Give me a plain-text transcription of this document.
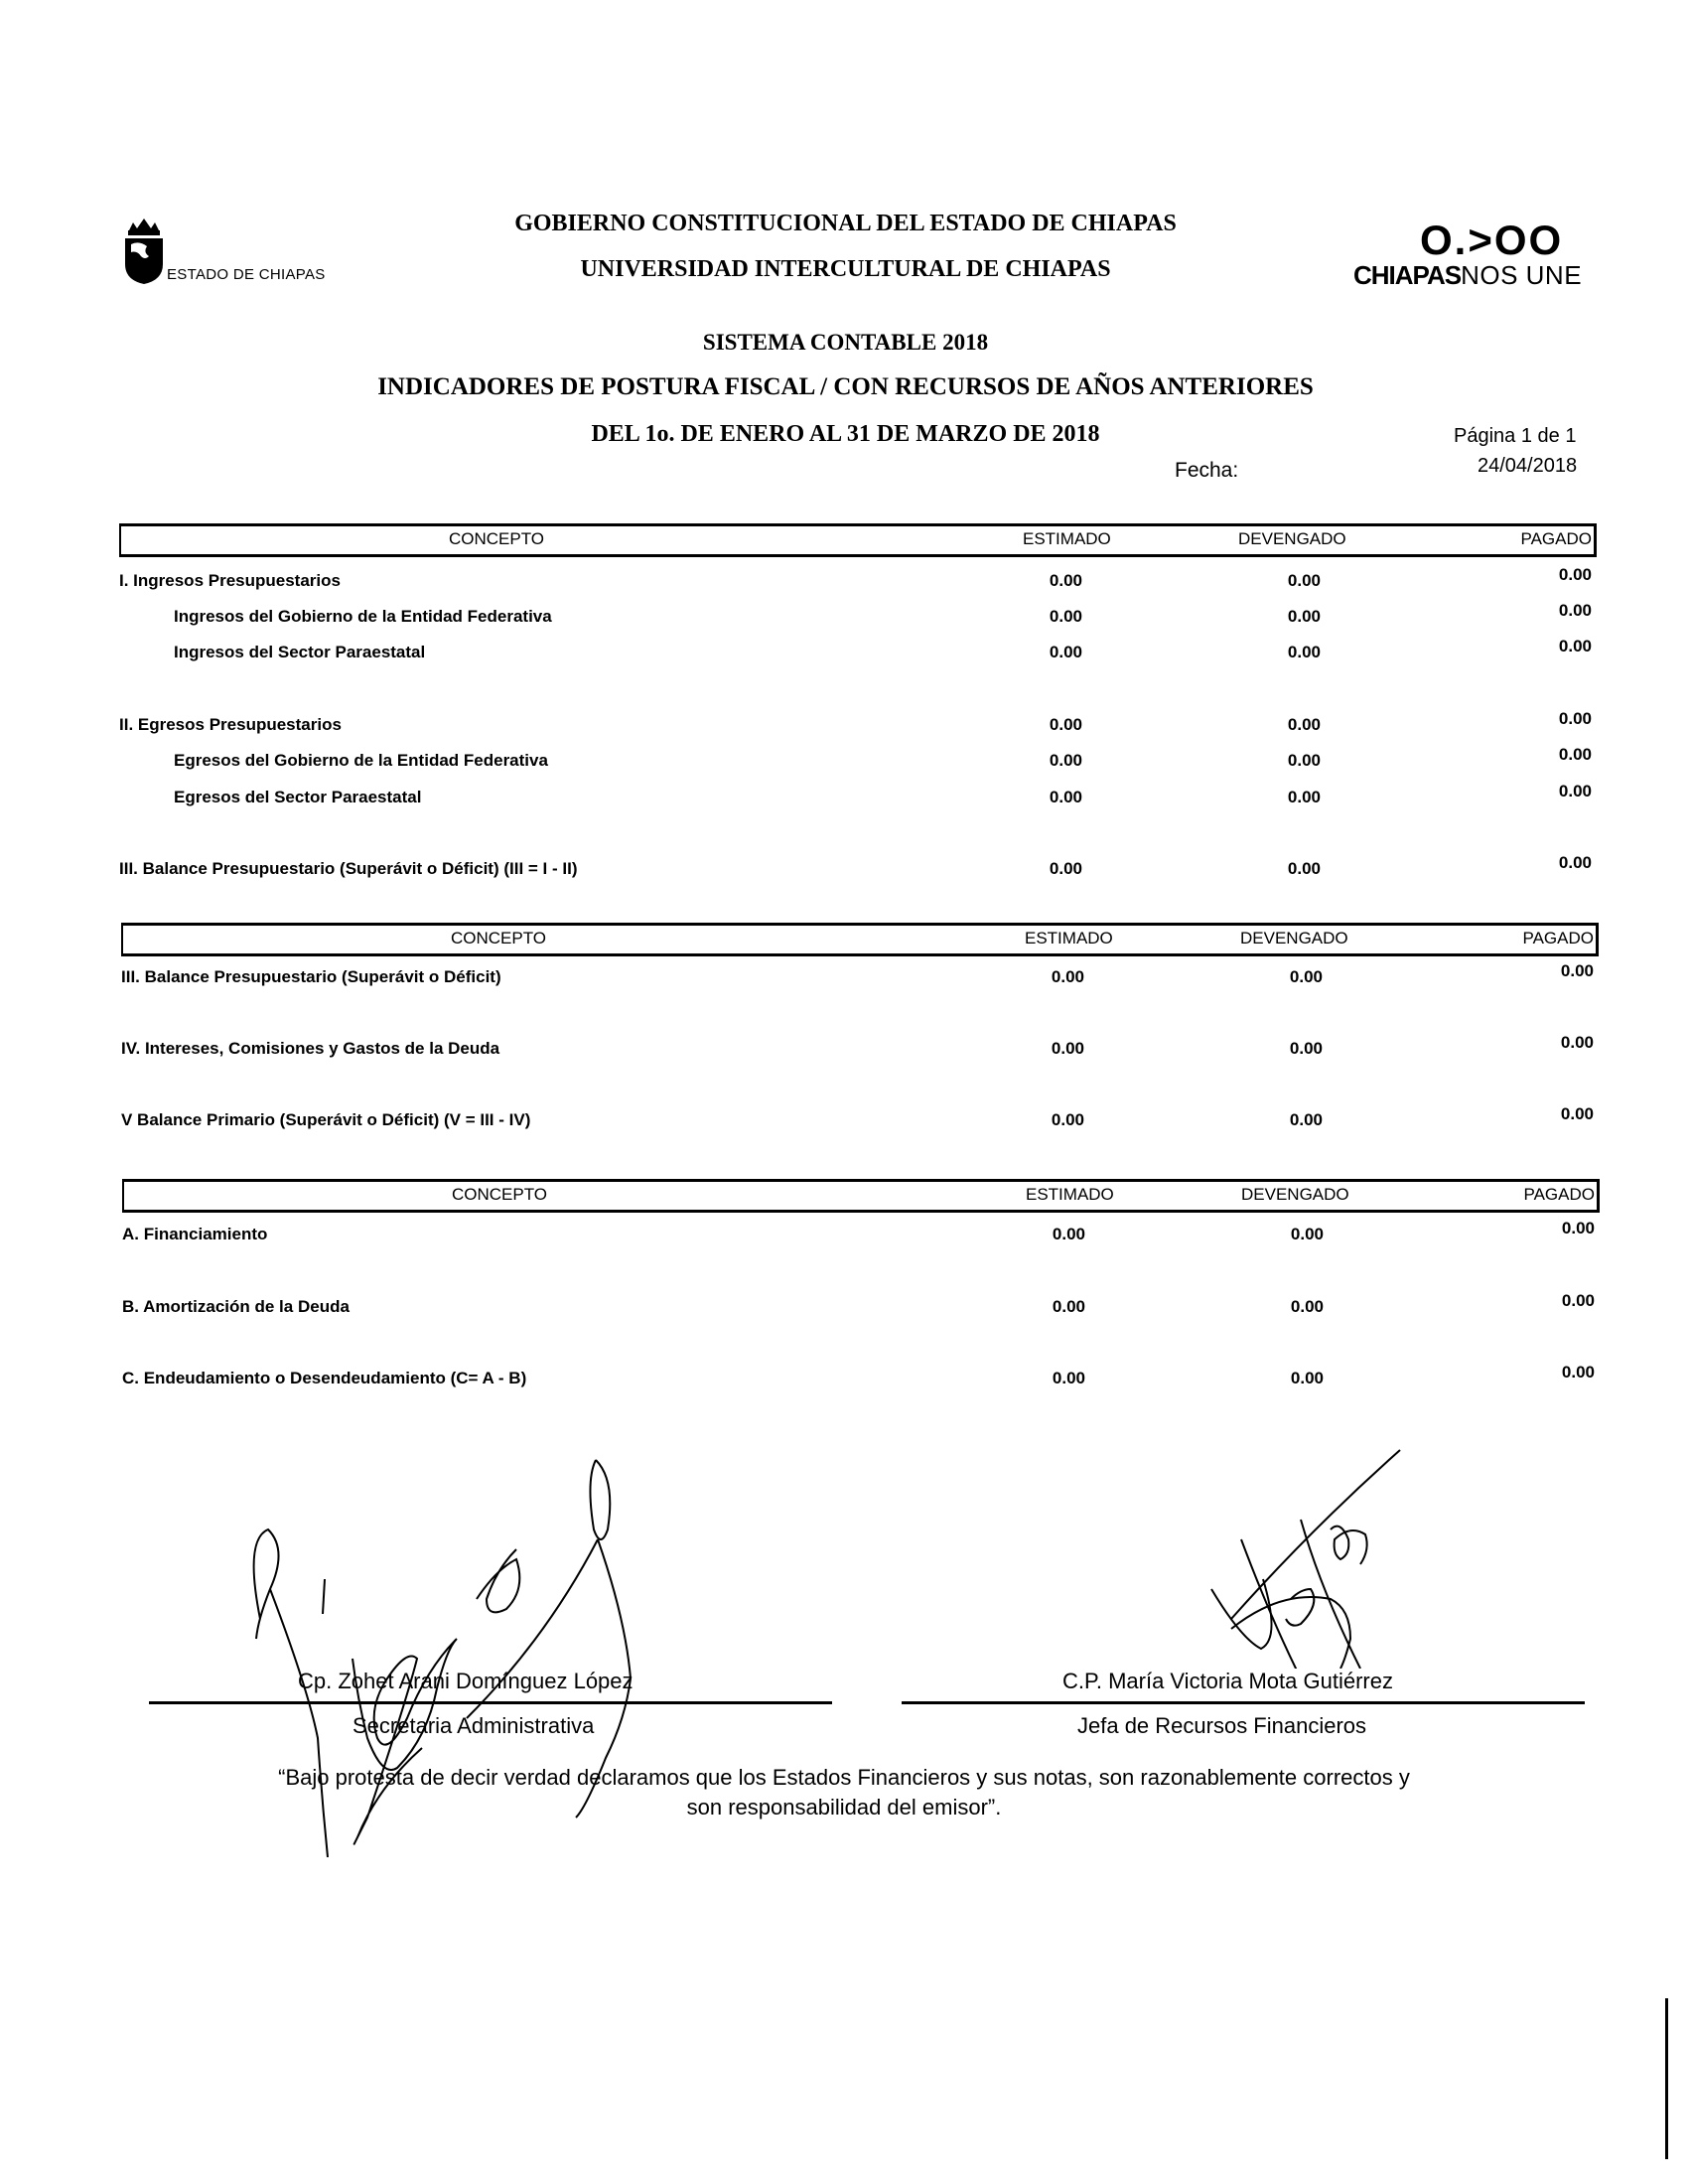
ESTADO DE CHIAPAS
GOBIERNO CONSTITUCIONAL DEL ESTADO DE CHIAPAS
UNIVERSIDAD INTERCULTURAL DE CHIAPAS
SISTEMA CONTABLE 2018
INDICADORES DE POSTURA FISCAL / CON RECURSOS DE AÑOS ANTERIORES
DEL 1o. DE ENERO AL 31 DE MARZO DE 2018
O.>OO
CHIAPASNOS UNE
Página 1 de 1
Fecha:	24/04/2018
CONCEPTO	ESTIMADO	DEVENGADO	PAGADO
I. Ingresos Presupuestarios	0.00	0.00	0.00
Ingresos del Gobierno de la Entidad Federativa	0.00	0.00	0.00
Ingresos del Sector Paraestatal	0.00	0.00	0.00
II. Egresos Presupuestarios	0.00	0.00	0.00
Egresos del Gobierno de la Entidad Federativa	0.00	0.00	0.00
Egresos del Sector Paraestatal	0.00	0.00	0.00
III. Balance Presupuestario (Superávit o Déficit) (III = I - II)	0.00	0.00	0.00
CONCEPTO	ESTIMADO	DEVENGADO	PAGADO
III. Balance Presupuestario (Superávit o Déficit)	0.00	0.00	0.00
IV. Intereses, Comisiones y Gastos de la Deuda	0.00	0.00	0.00
V Balance Primario (Superávit o Déficit) (V = III - IV)	0.00	0.00	0.00
CONCEPTO	ESTIMADO	DEVENGADO	PAGADO
A. Financiamiento	0.00	0.00	0.00
B. Amortización de la Deuda	0.00	0.00	0.00
C. Endeudamiento o Desendeudamiento (C= A - B)	0.00	0.00	0.00
Cp. Zohet Arani Domínguez López
Secretaria Administrativa
C.P. María Victoria Mota Gutiérrez
Jefa de Recursos Financieros
“Bajo protesta de decir verdad declaramos que los Estados Financieros y sus notas, son razonablemente correctos y
son responsabilidad del emisor”.
